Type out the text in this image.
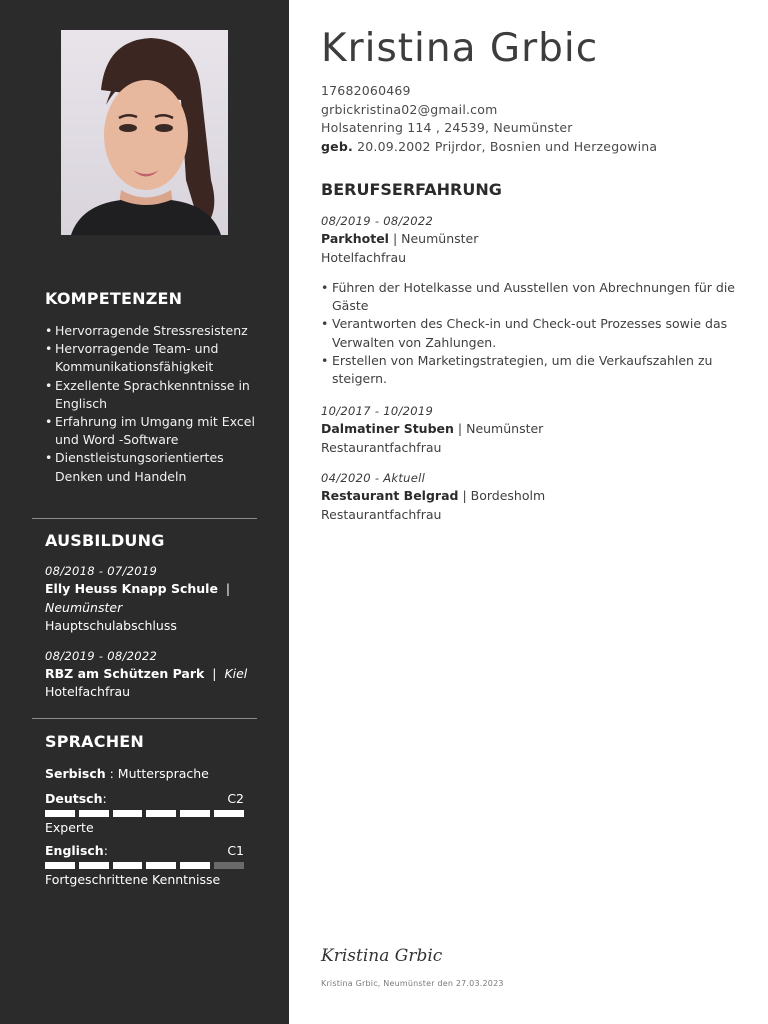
KOMPETENZEN
• Hervorragende Stressresistenz
• Hervorragende Team- und Kommunikationsfähigkeit
• Exzellente Sprachkenntnisse in Englisch
• Erfahrung im Umgang mit Excel und Word -Software
• Dienstleistungsorientiertes Denken und Handeln
AUSBILDUNG
08/2018 - 07/2019
Elly Heuss Knapp Schule |
Neumünster
Hauptschulabschluss
08/2019 - 08/2022
RBZ am Schützen Park | Kiel
Hotelfachfrau
SPRACHEN
Serbisch : Muttersprache
Deutsch:	C2
Experte
Englisch:	C1
Fortgeschrittene Kenntnisse
Kristina Grbic
17682060469
grbickristina02@gmail.com
Holsatenring 114 , 24539, Neumünster
geb. 20.09.2002 Prijrdor, Bosnien und Herzegowina
BERUFSERFAHRUNG
08/2019 - 08/2022
Parkhotel | Neumünster
Hotelfachfrau
• Führen der Hotelkasse und Ausstellen von Abrechnungen für die Gäste
• Verantworten des Check-in und Check-out Prozesses sowie das Verwalten von Zahlungen.
• Erstellen von Marketingstrategien, um die Verkaufszahlen zu steigern.
10/2017 - 10/2019
Dalmatiner Stuben | Neumünster
Restaurantfachfrau
04/2020 - Aktuell
Restaurant Belgrad | Bordesholm
Restaurantfachfrau
Kristina Grbic
Kristina Grbic, Neumünster den 27.03.2023
